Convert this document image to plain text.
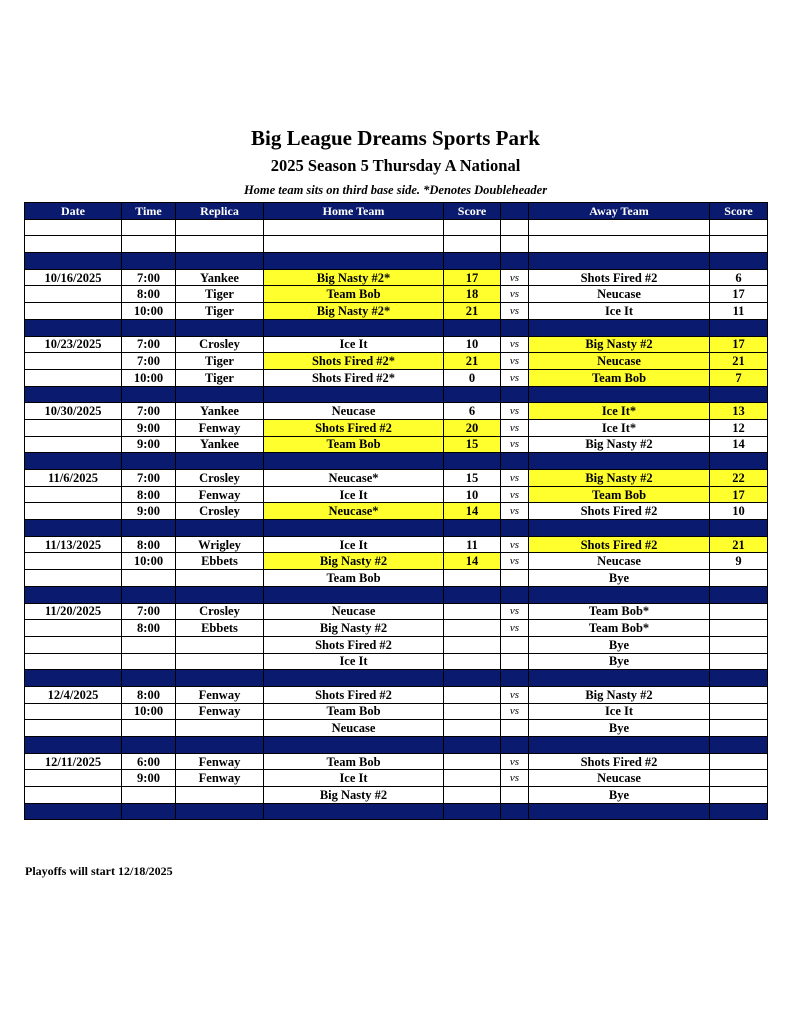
Big League Dreams Sports Park
2025 Season 5 Thursday A National
Home team sits on third base side. *Denotes Doubleheader
Date	Time	Replica	Home Team	Score		Away Team	Score

10/16/2025	7:00	Yankee	Big Nasty #2*	17	vs	Shots Fired #2	6
	8:00	Tiger	Team Bob	18	vs	Neucase	17
	10:00	Tiger	Big Nasty #2*	21	vs	Ice It	11

10/23/2025	7:00	Crosley	Ice It	10	vs	Big Nasty #2	17
	7:00	Tiger	Shots Fired #2*	21	vs	Neucase	21
	10:00	Tiger	Shots Fired #2*	0	vs	Team Bob	7

10/30/2025	7:00	Yankee	Neucase	6	vs	Ice It*	13
	9:00	Fenway	Shots Fired #2	20	vs	Ice It*	12
	9:00	Yankee	Team Bob	15	vs	Big Nasty #2	14

11/6/2025	7:00	Crosley	Neucase*	15	vs	Big Nasty #2	22
	8:00	Fenway	Ice It	10	vs	Team Bob	17
	9:00	Crosley	Neucase*	14	vs	Shots Fired #2	10

11/13/2025	8:00	Wrigley	Ice It	11	vs	Shots Fired #2	21
	10:00	Ebbets	Big Nasty #2	14	vs	Neucase	9
			Team Bob			Bye	

11/20/2025	7:00	Crosley	Neucase		vs	Team Bob*	
	8:00	Ebbets	Big Nasty #2		vs	Team Bob*	
			Shots Fired #2			Bye	
			Ice It			Bye	

12/4/2025	8:00	Fenway	Shots Fired #2		vs	Big Nasty #2	
	10:00	Fenway	Team Bob		vs	Ice It	
			Neucase			Bye	

12/11/2025	6:00	Fenway	Team Bob		vs	Shots Fired #2	
	9:00	Fenway	Ice It		vs	Neucase	
			Big Nasty #2			Bye	

Playoffs will start 12/18/2025
